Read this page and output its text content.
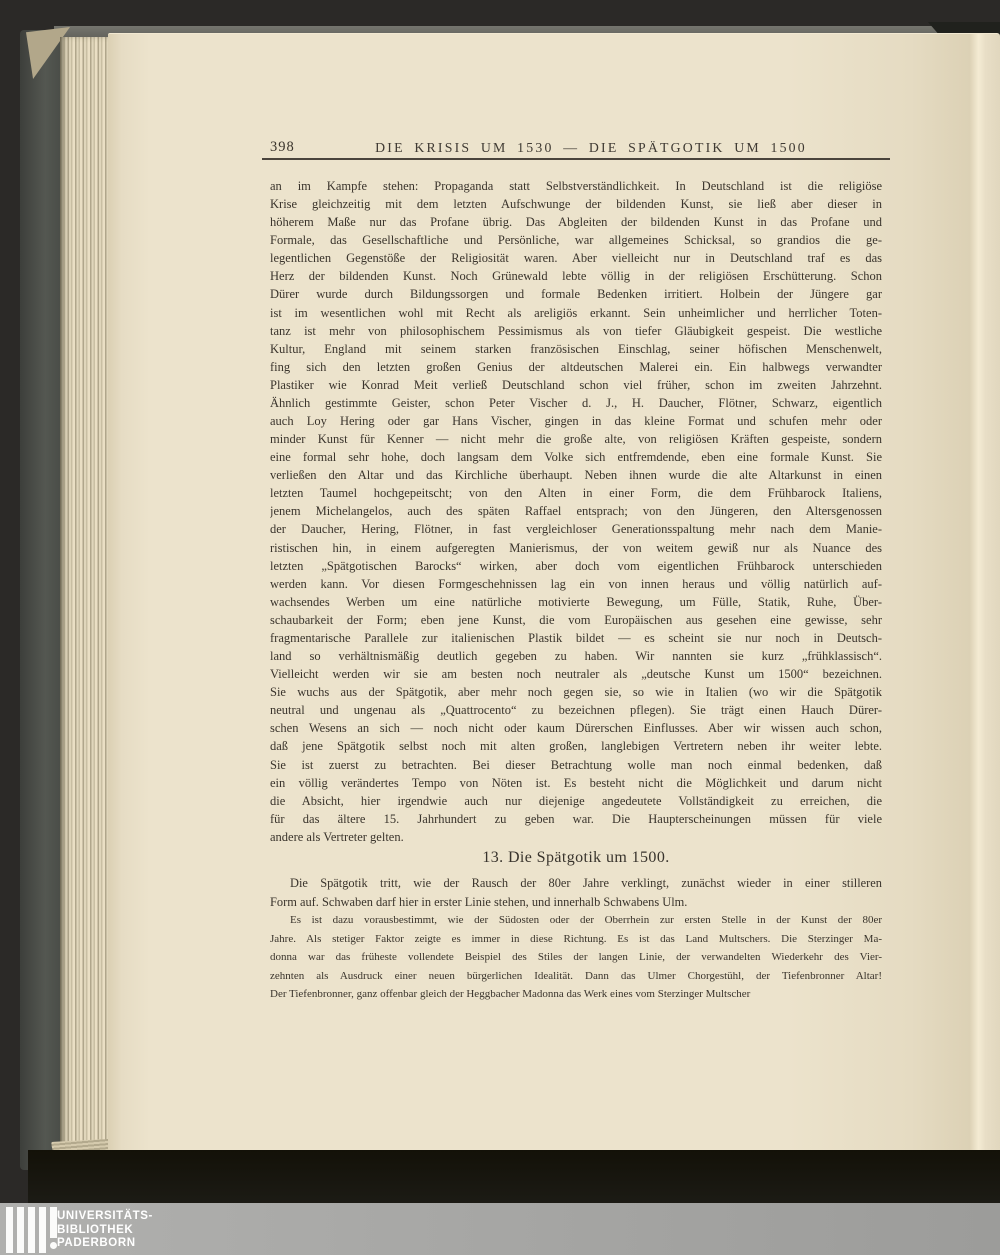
398	DIE KRISIS UM 1530 — DIE SPÄTGOTIK UM 1500
an im Kampfe stehen: Propaganda statt Selbstverständlichkeit. In Deutschland ist die religiöse
Krise gleichzeitig mit dem letzten Aufschwunge der bildenden Kunst, sie ließ aber dieser in
höherem Maße nur das Profane übrig. Das Abgleiten der bildenden Kunst in das Profane und
Formale, das Gesellschaftliche und Persönliche, war allgemeines Schicksal, so grandios die ge-
legentlichen Gegenstöße der Religiosität waren. Aber vielleicht nur in Deutschland traf es das
Herz der bildenden Kunst. Noch Grünewald lebte völlig in der religiösen Erschütterung. Schon
Dürer wurde durch Bildungssorgen und formale Bedenken irritiert. Holbein der Jüngere gar
ist im wesentlichen wohl mit Recht als areligiös erkannt. Sein unheimlicher und herrlicher Toten-
tanz ist mehr von philosophischem Pessimismus als von tiefer Gläubigkeit gespeist. Die westliche
Kultur, England mit seinem starken französischen Einschlag, seiner höfischen Menschenwelt,
fing sich den letzten großen Genius der altdeutschen Malerei ein. Ein halbwegs verwandter
Plastiker wie Konrad Meit verließ Deutschland schon viel früher, schon im zweiten Jahrzehnt.
Ähnlich gestimmte Geister, schon Peter Vischer d. J., H. Daucher, Flötner, Schwarz, eigentlich
auch Loy Hering oder gar Hans Vischer, gingen in das kleine Format und schufen mehr oder
minder Kunst für Kenner — nicht mehr die große alte, von religiösen Kräften gespeiste, sondern
eine formal sehr hohe, doch langsam dem Volke sich entfremdende, eben eine formale Kunst. Sie
verließen den Altar und das Kirchliche überhaupt. Neben ihnen wurde die alte Altarkunst in einen
letzten Taumel hochgepeitscht; von den Alten in einer Form, die dem Frühbarock Italiens,
jenem Michelangelos, auch des späten Raffael entsprach; von den Jüngeren, den Altersgenossen
der Daucher, Hering, Flötner, in fast vergleichloser Generationsspaltung mehr nach dem Manie-
ristischen hin, in einem aufgeregten Manierismus, der von weitem gewiß nur als Nuance des
letzten „Spätgotischen Barocks“ wirken, aber doch vom eigentlichen Frühbarock unterschieden
werden kann. Vor diesen Formgeschehnissen lag ein von innen heraus und völlig natürlich auf-
wachsendes Werben um eine natürliche motivierte Bewegung, um Fülle, Statik, Ruhe, Über-
schaubarkeit der Form; eben jene Kunst, die vom Europäischen aus gesehen eine gewisse, sehr
fragmentarische Parallele zur italienischen Plastik bildet — es scheint sie nur noch in Deutsch-
land so verhältnismäßig deutlich gegeben zu haben. Wir nannten sie kurz „frühklassisch“.
Vielleicht werden wir sie am besten noch neutraler als „deutsche Kunst um 1500“ bezeichnen.
Sie wuchs aus der Spätgotik, aber mehr noch gegen sie, so wie in Italien (wo wir die Spätgotik
neutral und ungenau als „Quattrocento“ zu bezeichnen pflegen). Sie trägt einen Hauch Dürer-
schen Wesens an sich — noch nicht oder kaum Dürerschen Einflusses. Aber wir wissen auch schon,
daß jene Spätgotik selbst noch mit alten großen, langlebigen Vertretern neben ihr weiter lebte.
Sie ist zuerst zu betrachten. Bei dieser Betrachtung wolle man noch einmal bedenken, daß
ein völlig verändertes Tempo von Nöten ist. Es besteht nicht die Möglichkeit und darum nicht
die Absicht, hier irgendwie auch nur diejenige angedeutete Vollständigkeit zu erreichen, die
für das ältere 15. Jahrhundert zu geben war. Die Haupterscheinungen müssen für viele
andere als Vertreter gelten.
13. Die Spätgotik um 1500.
Die Spätgotik tritt, wie der Rausch der 80er Jahre verklingt, zunächst wieder in einer stilleren
Form auf. Schwaben darf hier in erster Linie stehen, und innerhalb Schwabens Ulm.
Es ist dazu vorausbestimmt, wie der Südosten oder der Oberrhein zur ersten Stelle in der Kunst der 80er
Jahre. Als stetiger Faktor zeigte es immer in diese Richtung. Es ist das Land Multschers. Die Sterzinger Ma-
donna war das früheste vollendete Beispiel des Stiles der langen Linie, der verwandelten Wiederkehr des Vier-
zehnten als Ausdruck einer neuen bürgerlichen Idealität. Dann das Ulmer Chorgestühl, der Tiefenbronner Altar!
Der Tiefenbronner, ganz offenbar gleich der Heggbacher Madonna das Werk eines vom Sterzinger Multscher
UNIVERSITÄTS-
BIBLIOTHEK
PADERBORN
